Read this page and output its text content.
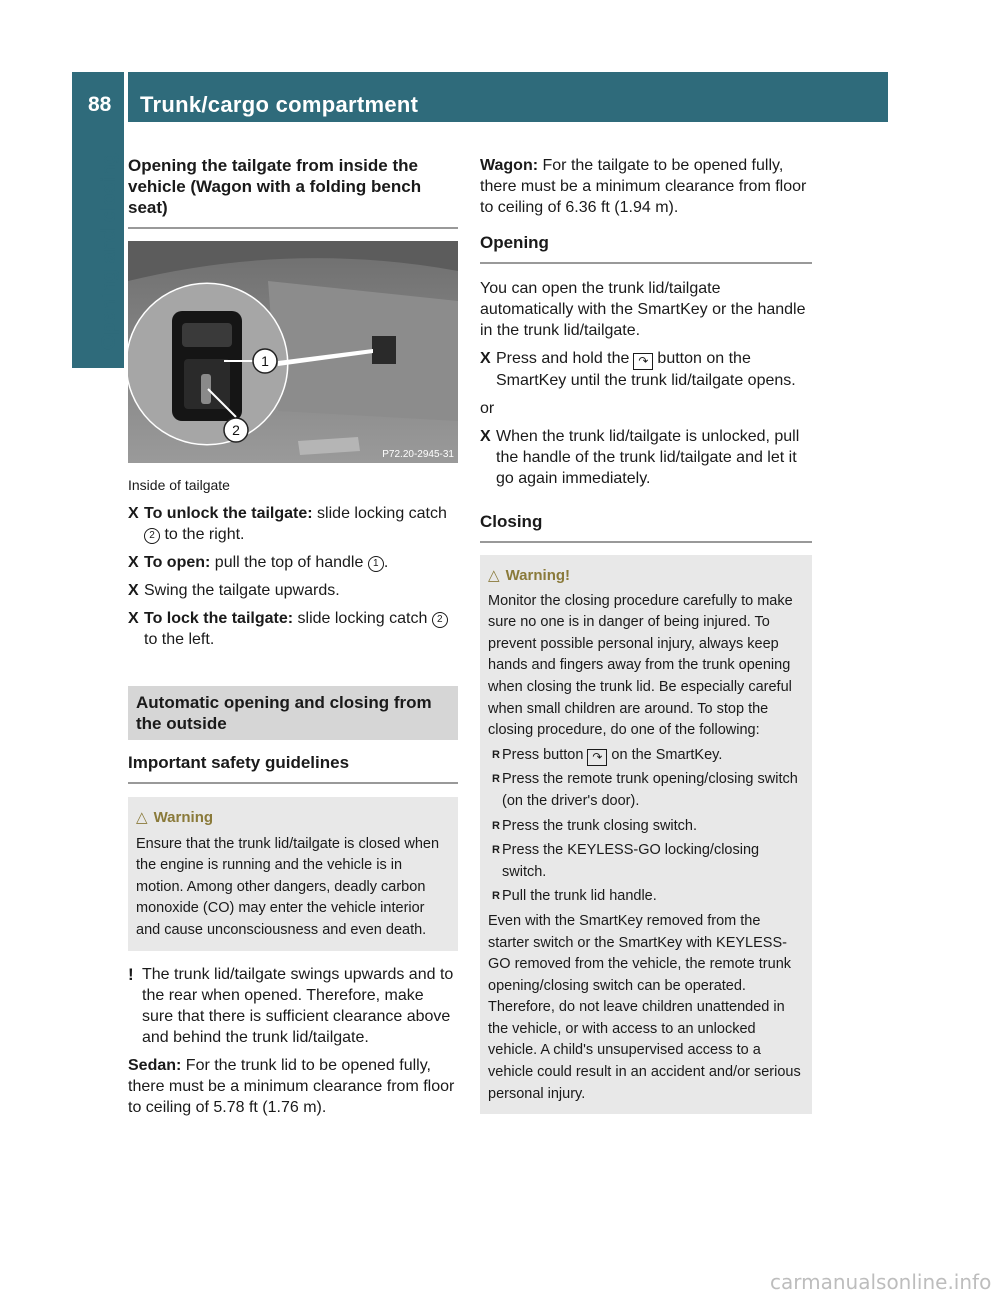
88	Trunk/cargo compartment
Opening and closing Opening the tailgate from inside the vehicle (Wagon with a folding bench seat)
1
2
P72.20-2945-31
Inside of tailgate
X To unlock the tailgate: slide locking catch 2 to the right.
X To open: pull the top of handle 1 .
X Swing the tailgate upwards.
X To lock the tailgate: slide locking catch 2 to the left.
Automatic opening and closing from the outside
Important safety guidelines
△ Warning
Ensure that the trunk lid/tailgate is closed when the engine is running and the vehicle is in motion. Among other dangers, deadly carbon monoxide (CO) may enter the vehicle interior and cause unconsciousness and even death.
! The trunk lid/tailgate swings upwards and to the rear when opened. Therefore, make sure that there is sufficient clearance above and behind the trunk lid/tailgate.

Sedan: For the trunk lid to be opened fully, there must be a minimum clearance from floor to ceiling of 5.78 ft (1.76 m).

Wagon: For the tailgate to be opened fully, there must be a minimum clearance from floor to ceiling of 6.36 ft (1.94 m).

Opening

You can open the trunk lid/tailgate automatically with the SmartKey or the handle in the trunk lid/tailgate.

X Press and hold the ↷ button on the SmartKey until the trunk lid/tailgate opens.

or

X When the trunk lid/tailgate is unlocked, pull the handle of the trunk lid/tailgate and let it go again immediately.
Closing
△ Warning!
Monitor the closing procedure carefully to make sure no one is in danger of being injured. To prevent possible personal injury, always keep hands and fingers away from the trunk opening when closing the trunk lid. Be especially careful when small children are around. To stop the closing procedure, do one of the following:
R Press button ↷ on the SmartKey.
R Press the remote trunk opening/closing switch (on the driver's door).
R Press the trunk closing switch.
R Press the KEYLESS-GO locking/closing switch.
R Pull the trunk lid handle.
Even with the SmartKey removed from the starter switch or the SmartKey with KEYLESS-GO removed from the vehicle, the remote trunk opening/closing switch can be operated. Therefore, do not leave children unattended in the vehicle, or with access to an unlocked vehicle. A child's unsupervised access to a vehicle could result in an accident and/or serious personal injury.
carmanualsonline.info
